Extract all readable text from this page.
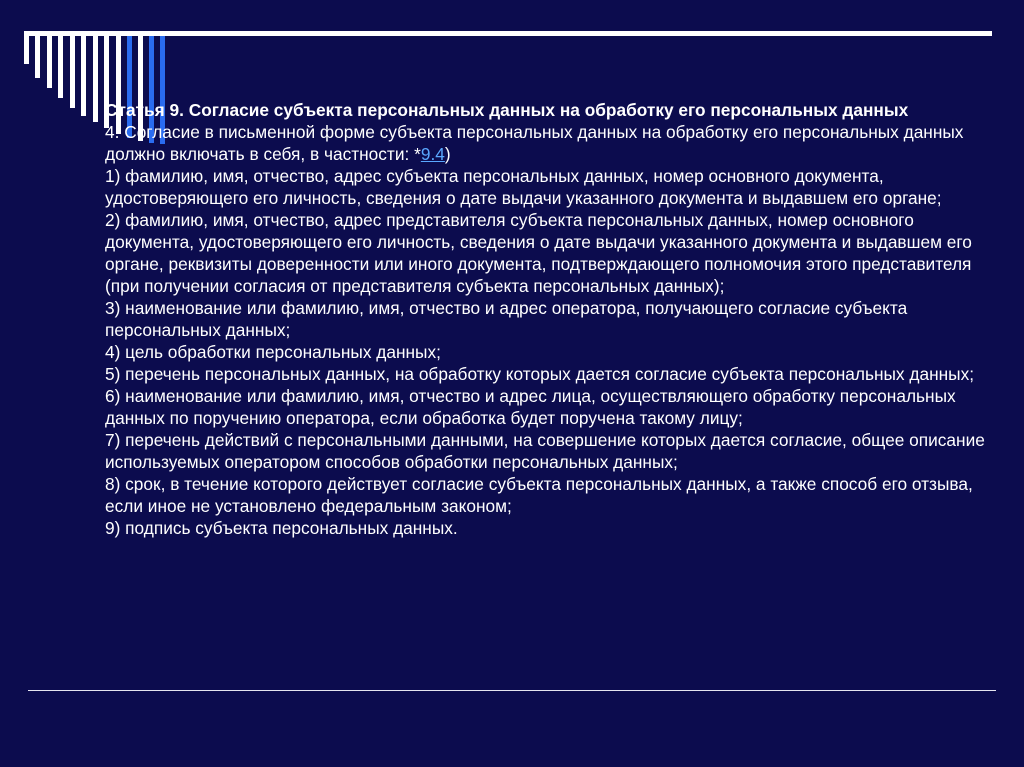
Статья 9. Согласие субъекта персональных данных на обработку его персональных данных

4. Согласие в письменной форме субъекта персональных данных на обработку его персональных данных должно включать в себя, в частности: *9.4)

1) фамилию, имя, отчество, адрес субъекта персональных данных, номер основного документа, удостоверяющего его личность, сведения о дате выдачи указанного документа и выдавшем его органе;

2) фамилию, имя, отчество, адрес представителя субъекта персональных данных, номер основного документа, удостоверяющего его личность, сведения о дате выдачи указанного документа и выдавшем его органе, реквизиты доверенности или иного документа, подтверждающего полномочия этого представителя (при получении согласия от представителя субъекта персональных данных);

3) наименование или фамилию, имя, отчество и адрес оператора, получающего согласие субъекта персональных данных;

4) цель обработки персональных данных;

5) перечень персональных данных, на обработку которых дается согласие субъекта персональных данных;

6) наименование или фамилию, имя, отчество и адрес лица, осуществляющего обработку персональных данных по поручению оператора, если обработка будет поручена такому лицу;

7) перечень действий с персональными данными, на совершение которых дается согласие, общее описание используемых оператором способов обработки персональных данных;

8) срок, в течение которого действует согласие субъекта персональных данных, а также способ его отзыва, если иное не установлено федеральным законом;

9) подпись субъекта персональных данных.
